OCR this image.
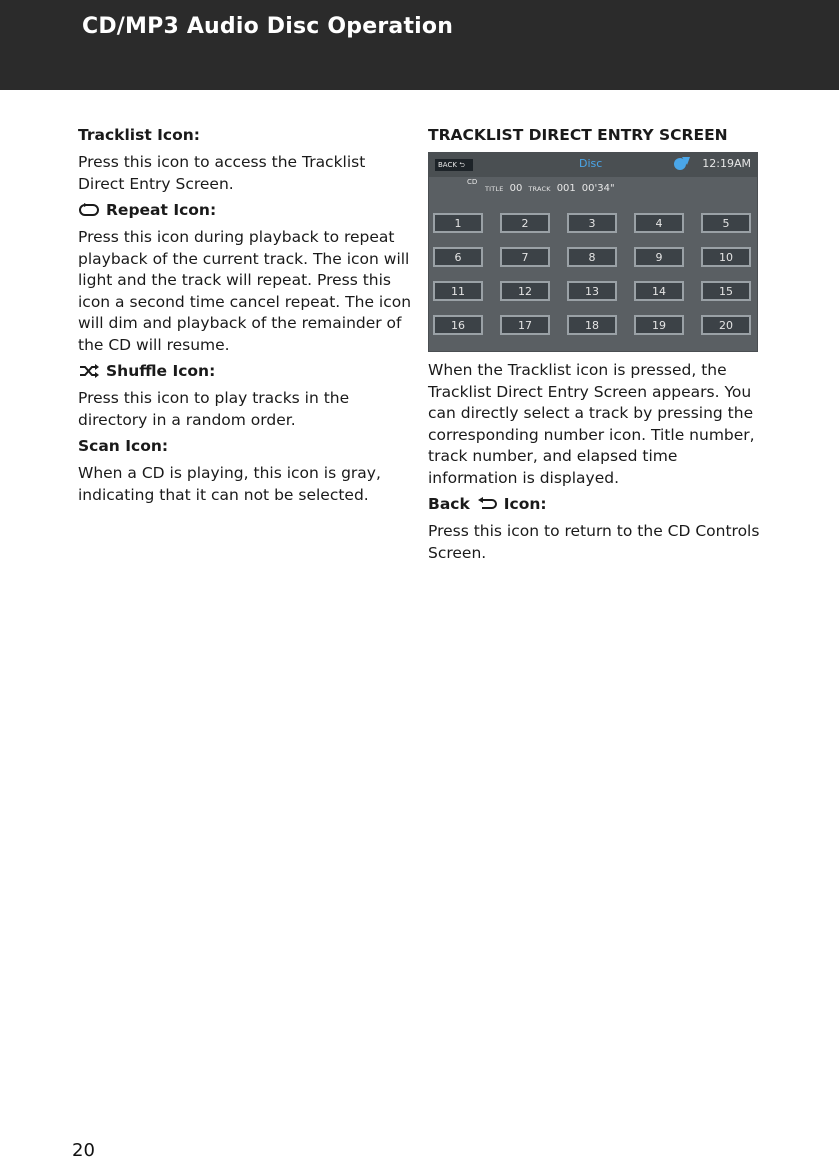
CD/MP3 Audio Disc Operation
Tracklist Icon:
Press this icon to access the Tracklist Direct Entry Screen.
Repeat Icon:
Press this icon during playback to repeat playback of the current track. The icon will light and the track will repeat. Press this icon a second time cancel repeat. The icon will dim and playback of the remainder of the CD will resume.
Shuffle Icon:
Press this icon to play tracks in the directory in a random order.
Scan Icon:
When a CD is playing, this icon is gray, indicating that it can not be selected.
TRACKLIST DIRECT ENTRY SCREEN
BACK ⮌	Disc	12:19AM
CD
TITLE 00 TRACK 001 00'34"
1	2	3	4	5
6	7	8	9	10
11	12	13	14	15
16	17	18	19	20
When the Tracklist icon is pressed, the Tracklist Direct Entry Screen appears. You can directly select a track by pressing the corresponding number icon. Title number, track number, and elapsed time information is displayed.
Back Icon:
Press this icon to return to the CD Controls Screen.
20
